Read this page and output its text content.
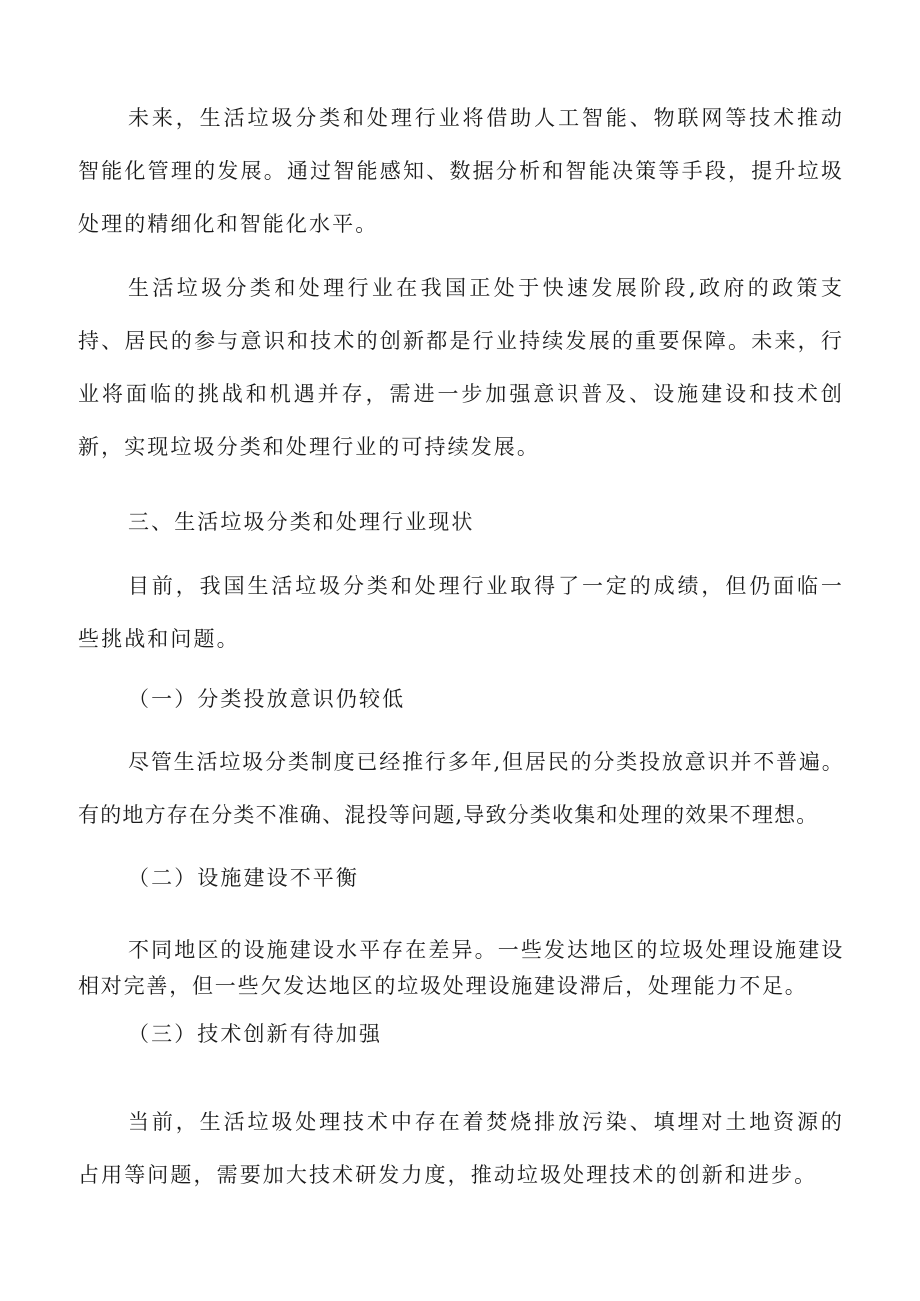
未来，生活垃圾分类和处理行业将借助人工智能、物联网等技术推动智能化管理的发展。通过智能感知、数据分析和智能决策等手段，提升垃圾处理的精细化和智能化水平。

生活垃圾分类和处理行业在我国正处于快速发展阶段,政府的政策支持、居民的参与意识和技术的创新都是行业持续发展的重要保障。未来，行业将面临的挑战和机遇并存，需进一步加强意识普及、设施建设和技术创新，实现垃圾分类和处理行业的可持续发展。

三、生活垃圾分类和处理行业现状

目前，我国生活垃圾分类和处理行业取得了一定的成绩，但仍面临一些挑战和问题。

（一）分类投放意识仍较低

尽管生活垃圾分类制度已经推行多年,但居民的分类投放意识并不普遍。有的地方存在分类不准确、混投等问题,导致分类收集和处理的效果不理想。

（二）设施建设不平衡

不同地区的设施建设水平存在差异。一些发达地区的垃圾处理设施建设相对完善，但一些欠发达地区的垃圾处理设施建设滞后，处理能力不足。

（三）技术创新有待加强

当前，生活垃圾处理技术中存在着焚烧排放污染、填埋对土地资源的占用等问题，需要加大技术研发力度，推动垃圾处理技术的创新和进步。
